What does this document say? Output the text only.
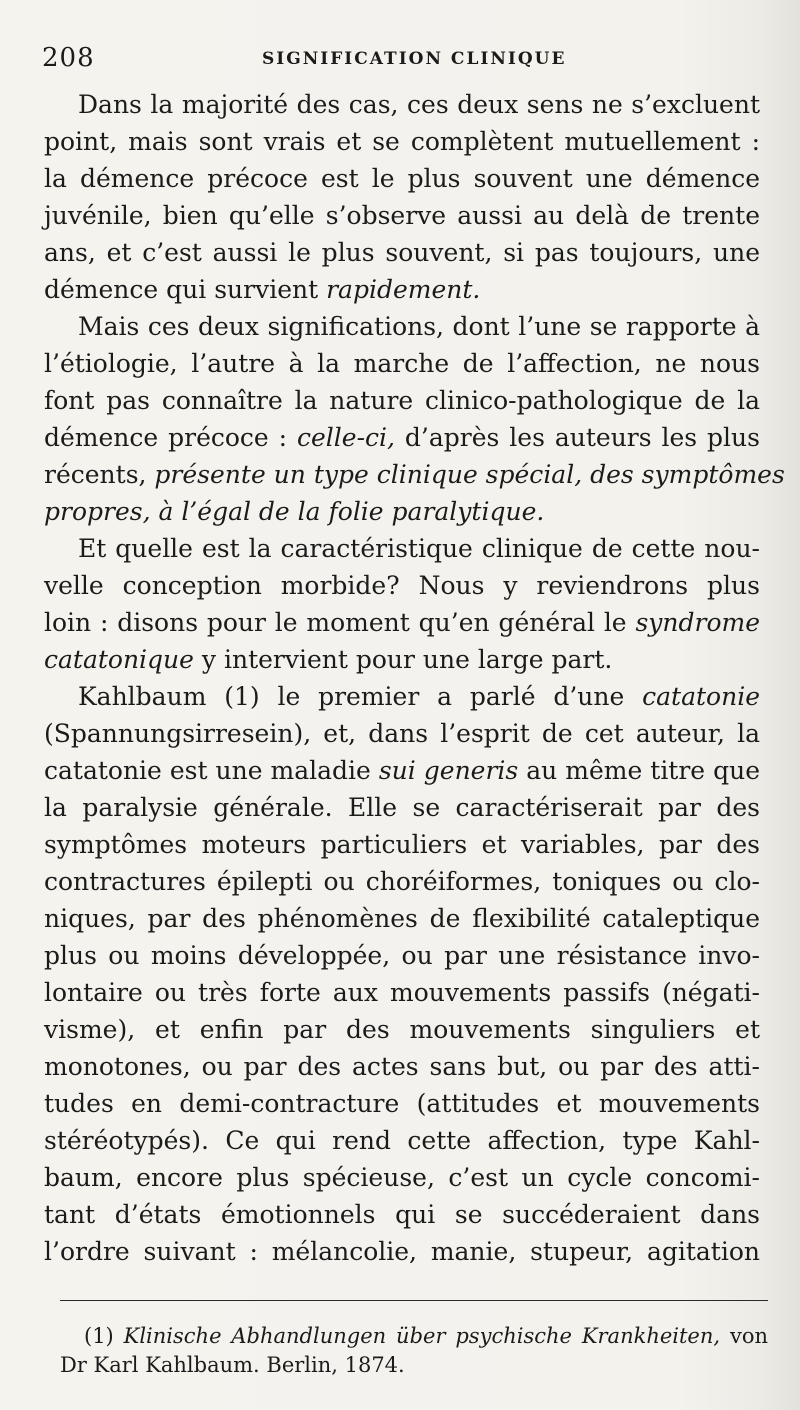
208	SIGNIFICATION CLINIQUE
Dans la majorité des cas, ces deux sens ne s’excluent
point, mais sont vrais et se complètent mutuellement :
la démence précoce est le plus souvent une démence
juvénile, bien qu’elle s’observe aussi au delà de trente
ans, et c’est aussi le plus souvent, si pas toujours, une
démence qui survient rapidement.
Mais ces deux significations, dont l’une se rapporte à
l’étiologie, l’autre à la marche de l’affection, ne nous
font pas connaître la nature clinico-pathologique de la
démence précoce : celle-ci, d’après les auteurs les plus
récents, présente un type clinique spécial, des symptômes
propres, à l’égal de la folie paralytique.
Et quelle est la caractéristique clinique de cette nou-
velle conception morbide? Nous y reviendrons plus
loin : disons pour le moment qu’en général le syndrome
catatonique y intervient pour une large part.
Kahlbaum (1) le premier a parlé d’une catatonie
(Spannungsirresein), et, dans l’esprit de cet auteur, la
catatonie est une maladie sui generis au même titre que
la paralysie générale. Elle se caractériserait par des
symptômes moteurs particuliers et variables, par des
contractures épilepti ou choréiformes, toniques ou clo-
niques, par des phénomènes de flexibilité cataleptique
plus ou moins développée, ou par une résistance invo-
lontaire ou très forte aux mouvements passifs (négati-
visme), et enfin par des mouvements singuliers et
monotones, ou par des actes sans but, ou par des atti-
tudes en demi-contracture (attitudes et mouvements
stéréotypés). Ce qui rend cette affection, type Kahl-
baum, encore plus spécieuse, c’est un cycle concomi-
tant d’états émotionnels qui se succéderaient dans
l’ordre suivant : mélancolie, manie, stupeur, agitation
(1) Klinische Abhandlungen über psychische Krankheiten, von
Dr Karl Kahlbaum. Berlin, 1874.
